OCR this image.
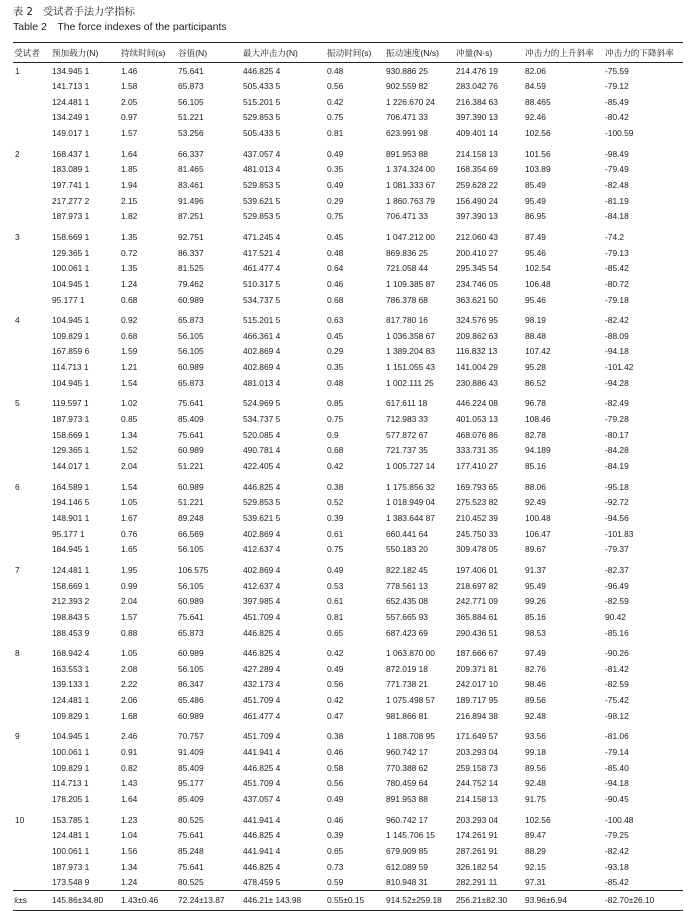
表 2　受试者手法力学指标
Table 2　The force indexes of the participants
受试者	预加载力(N)	持续时间(s)	谷值(N)	最大冲击力(N)	振动时间(s)	振动速度(N/s)	冲量(N·s)	冲击力的上升斜率	冲击力的下降斜率
1	134.945 1	1.46	75.641	446.825 4	0.48	930.886 25	214.476 19	82.06	-75.59
	141.713 1	1.58	65.873	505.433 5	0.56	902.559 82	283.042 76	84.59	-79.12
	124.481 1	2.05	56.105	515.201 5	0.42	1 226.670 24	216.384 63	88.465	-85.49
	134.249 1	0.97	51.221	529.853 5	0.75	706.471 33	397.390 13	92.46	-80.42
	149.017 1	1.57	53.256	505.433 5	0.81	623.991 98	409.401 14	102.56	-100.59
2	168.437 1	1.64	66.337	437.057 4	0.49	891.953 88	214.158 13	101.56	-98.49
	183.089 1	1.85	81.465	481.013 4	0.35	1 374.324 00	168.354 69	103.89	-79.49
	197.741 1	1.94	83.461	529.853 5	0.49	1 081.333 67	259.628 22	85.49	-82.48
	217.277 2	2.15	91.496	539.621 5	0.29	1 860.763 79	156.490 24	95.49	-81.19
	187.973 1	1.82	87.251	529.853 5	0.75	706.471 33	397.390 13	86.95	-84.18
3	158.669 1	1.35	92.751	471.245 4	0.45	1 047.212 00	212.060 43	87.49	-74.2
	129.365 1	0.72	86.337	417.521 4	0.48	869.836 25	200.410 27	95.46	-79.13
	100.061 1	1.35	81.525	461.477 4	0.64	721.058 44	295.345 54	102.54	-85.42
	104.945 1	1.24	79.462	510.317 5	0.46	1 109.385 87	234.746 05	106.48	-80.72
	95.177 1	0.68	60.989	534.737 5	0.68	786.378 68	363.621 50	95.46	-79.18
4	104.945 1	0.92	65.873	515.201 5	0.63	817.780 16	324.576 95	98.19	-82.42
	109.829 1	0.68	56.105	466.361 4	0.45	1 036.358 67	209.862 63	88.48	-88.09
	167.859 6	1.59	56.105	402.869 4	0.29	1 389.204 83	116.832 13	107.42	-94.18
	114.713 1	1.21	60.989	402.869 4	0.35	1 151.055 43	141.004 29	95.28	-101.42
	104.945 1	1.54	65.873	481.013 4	0.48	1 002.111 25	230.886 43	86.52	-94.28
5	119.597 1	1.02	75.641	524.969 5	0.85	617.611 18	446.224 08	96.78	-82.49
	187.973 1	0.85	85.409	534.737 5	0.75	712.983 33	401.053 13	108.46	-79.28
	158.669 1	1.34	75.641	520.085 4	0.9	577.872 67	468.076 86	82.78	-80.17
	129.365 1	1.52	60.989	490.781 4	0.68	721.737 35	333.731 35	94.189	-84.28
	144.017 1	2.04	51.221	422.405 4	0.42	1 005.727 14	177.410 27	85.16	-84.19
6	164.589 1	1.54	60.989	446.825 4	0.38	1 175.856 32	169.793 65	88.06	-95.18
	194.146 5	1.05	51.221	529.853 5	0.52	1 018.949 04	275.523 82	92.49	-92.72
	148.901 1	1.67	89.248	539.621 5	0.39	1 383.644 87	210.452 39	100.48	-94.56
	95.177 1	0.76	66.569	402.869 4	0.61	660.441 64	245.750 33	106.47	-101.83
	184.945 1	1.65	56.105	412.637 4	0.75	550.183 20	309.478 05	89.67	-79.37
7	124.481 1	1.95	106.575	402.869 4	0.49	822.182 45	197.406 01	91.37	-82.37
	158.669 1	0.99	56.105	412.637 4	0.53	778.561 13	218.697 82	95.49	-96.49
	212.393 2	2.04	60.989	397.985 4	0.61	652.435 08	242.771 09	99.26	-82.59
	198.843 5	1.57	75.641	451.709 4	0.81	557.665 93	365.884 61	85.16	90.42
	188.453 9	0.88	65.873	446.825 4	0.65	687.423 69	290.436 51	98.53	-85.16
8	168.942 4	1.05	60.989	446.825 4	0.42	1 063.870 00	187.666 67	97.49	-90.26
	163.553 1	2.08	56.105	427.289 4	0.49	872.019 18	209.371 81	82.76	-81.42
	139.133 1	2.22	86.347	432.173 4	0.56	771.738 21	242.017 10	98.46	-82.59
	124.481 1	2.06	65.486	451.709 4	0.42	1 075.498 57	189.717 95	89.56	-75.42
	109.829 1	1.68	60.989	461.477 4	0.47	981.866 81	216.894 38	92.48	-98.12
9	104.945 1	2.46	70.757	451.709 4	0.38	1 188.708 95	171.649 57	93.56	-81.06
	100.061 1	0.91	91.409	441.941 4	0.46	960.742 17	203.293 04	99.18	-79.14
	109.829 1	0.82	85.409	446.825 4	0.58	770.388 62	259.158 73	89.56	-85.40
	114.713 1	1.43	95.177	451.709 4	0.56	780.459 64	244.752 14	92.48	-94.18
	178.205 1	1.64	85.409	437.057 4	0.49	891.953 88	214.158 13	91.75	-90.45
10	153.785 1	1.23	80.525	441.941 4	0.46	960.742 17	203.293 04	102.56	-100.48
	124.481 1	1.04	75.641	446.825 4	0.39	1 145.706 15	174.261 91	89.47	-79.25
	100.061 1	1.56	85.248	441.941 4	0.65	679.909 85	287.261 91	88.29	-82.42
	187.973 1	1.34	75.641	446.825 4	0.73	612.089 59	326.182 54	92.15	-93.18
	173.548 9	1.24	80.525	478.459 5	0.59	810.948 31	282.291 11	97.31	-85.42
x̄±s	145.86±34.80	1.43±0.46	72.24±13.87	446.21± 143.98	0.55±0.15	914.52±259.18	256.21±82.30	93.96±6.94	-82.70±26.10
